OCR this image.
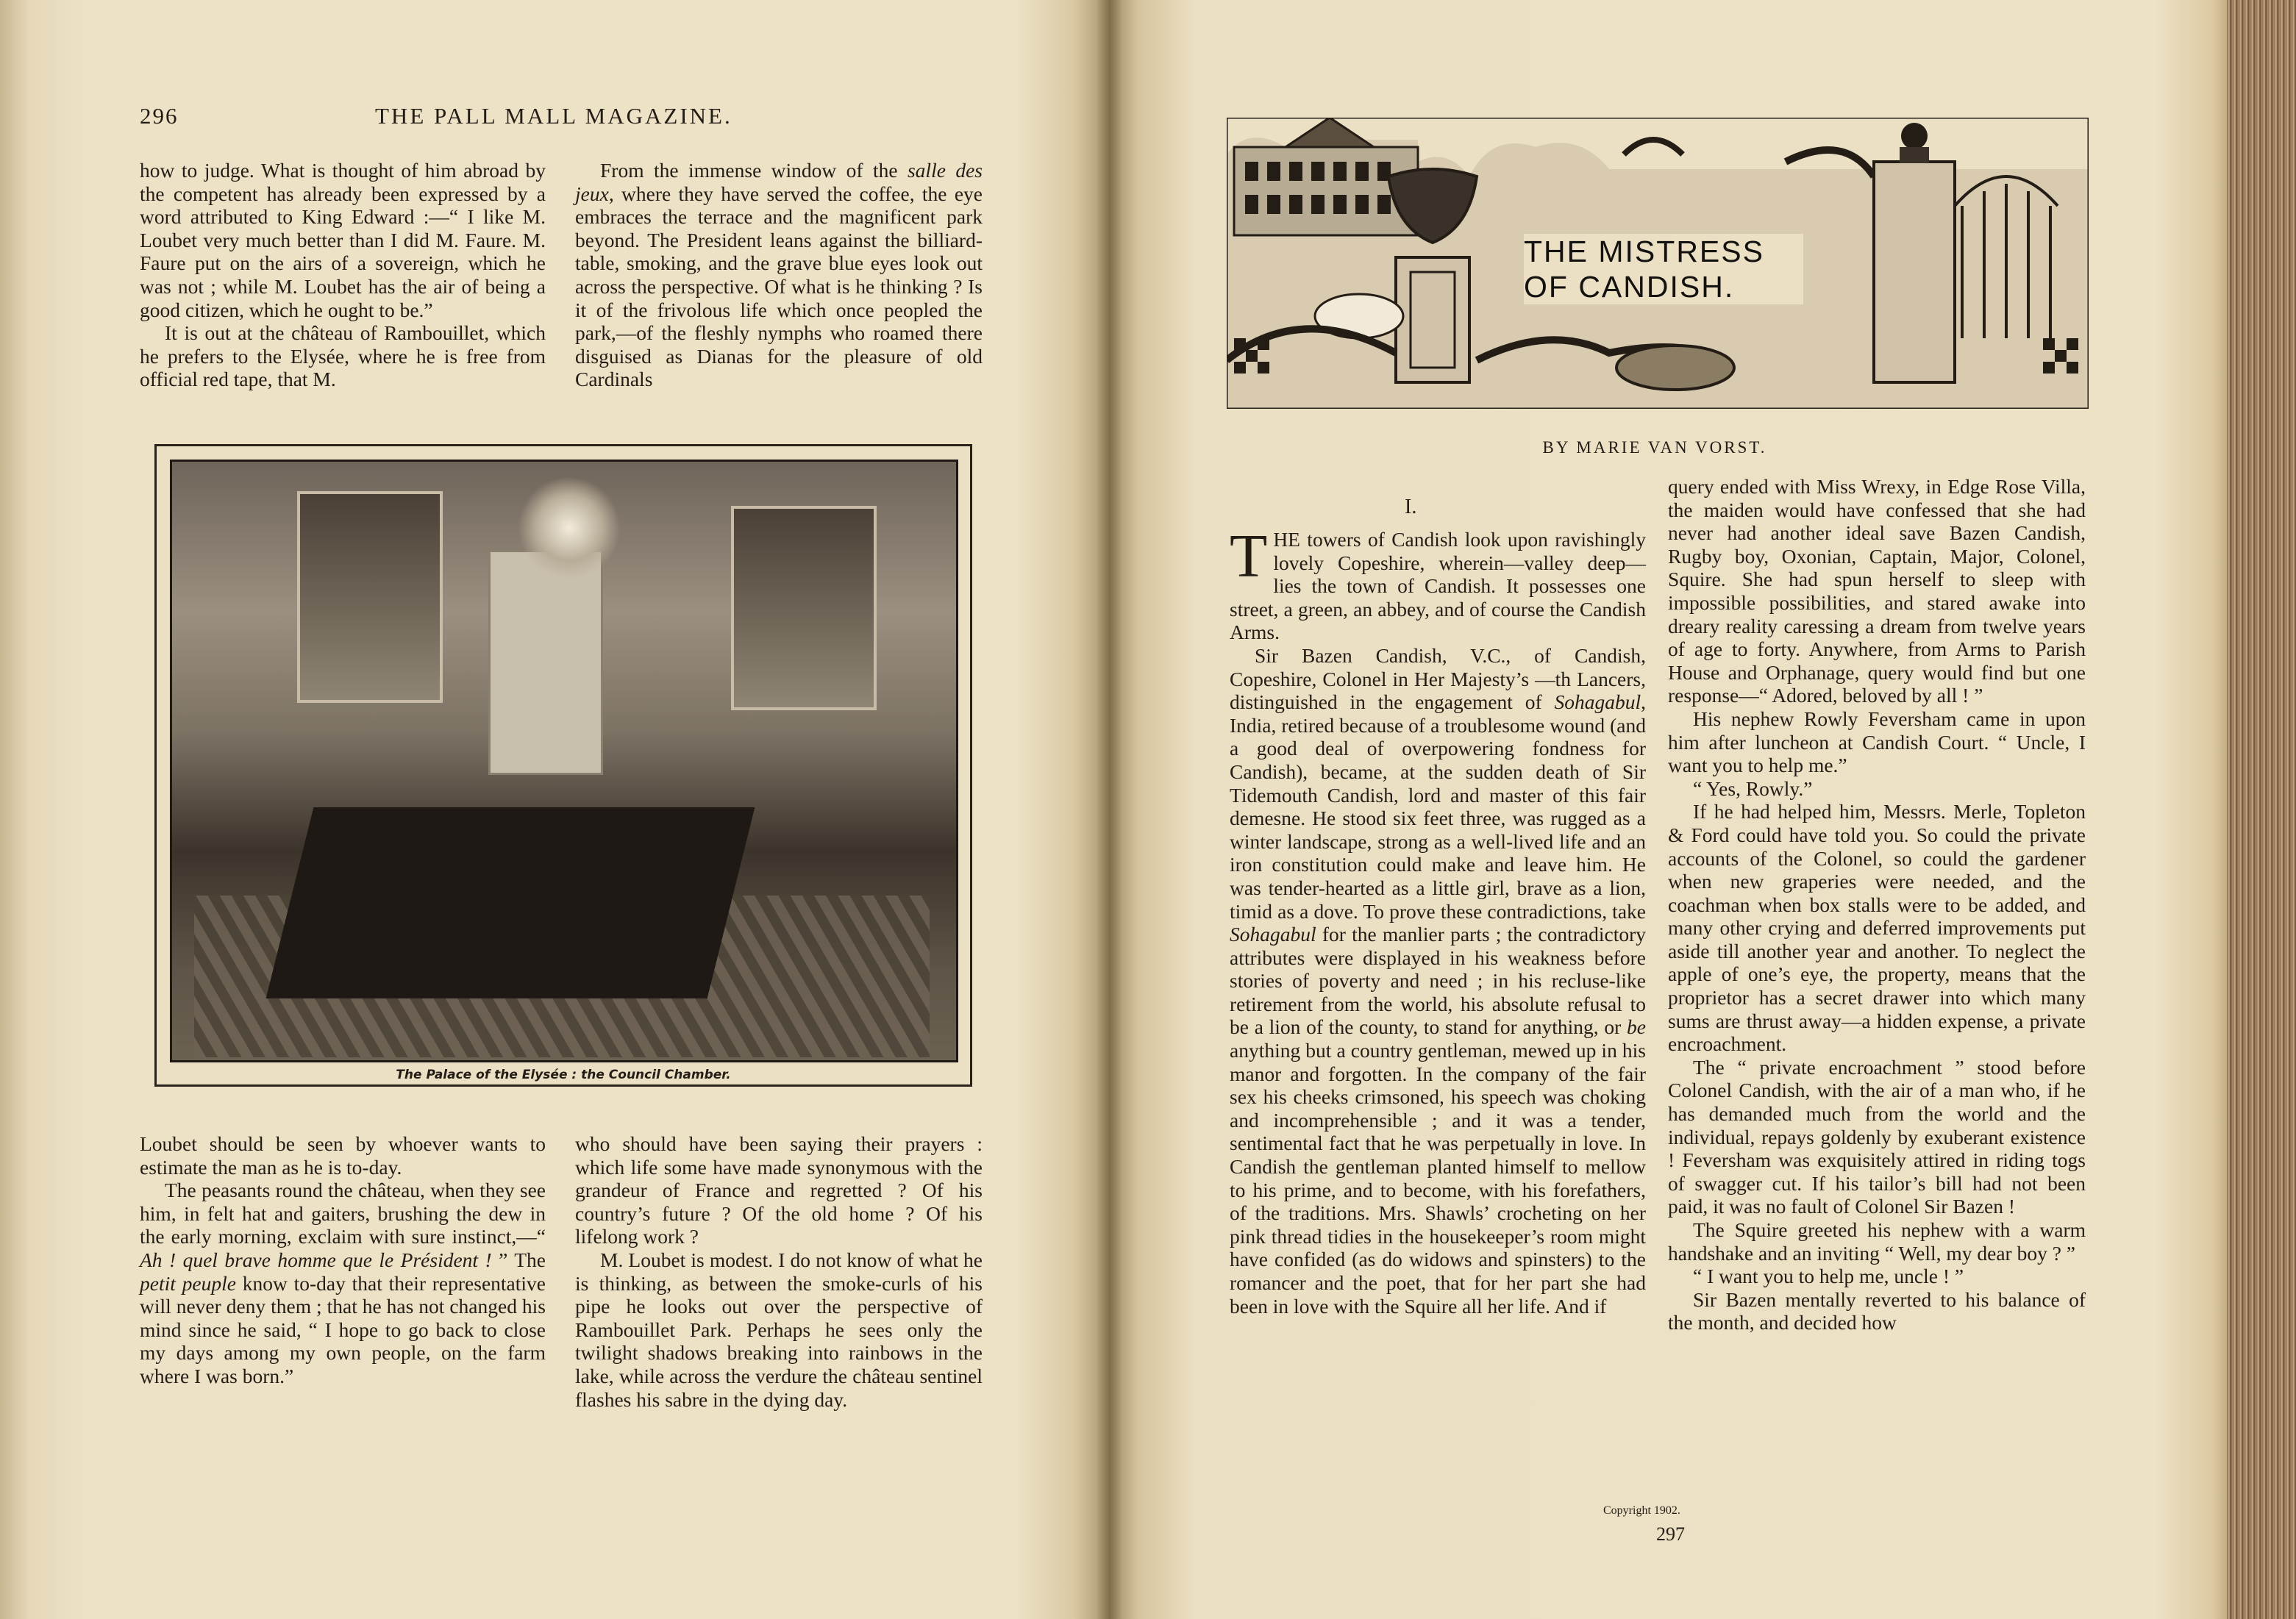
296	THE PALL MALL MAGAZINE.

how to judge. What is thought of him abroad by the competent has already been expressed by a word attributed to King Edward :—“ I like M. Loubet very much better than I did M. Faure. M. Faure put on the airs of a sovereign, which he was not ; while M. Loubet has the air of being a good citizen, which he ought to be.”

It is out at the château of Rambouillet, which he prefers to the Elysée, where he is free from official red tape, that M.

From the immense window of the salle des jeux, where they have served the coffee, the eye embraces the terrace and the magnificent park beyond. The President leans against the billiard-table, smoking, and the grave blue eyes look out across the perspective. Of what is he thinking ? Is it of the frivolous life which once peopled the park,—of the fleshly nymphs who roamed there disguised as Dianas for the pleasure of old Cardinals

The Palace of the Elysée : the Council Chamber.

Loubet should be seen by whoever wants to estimate the man as he is to-day.

The peasants round the château, when they see him, in felt hat and gaiters, brushing the dew in the early morning, exclaim with sure instinct,—“ Ah ! quel brave homme que le Président ! ” The petit peuple know to-day that their representative will never deny them ; that he has not changed his mind since he said, “ I hope to go back to close my days among my own people, on the farm where I was born.”

who should have been saying their prayers : which life some have made synonymous with the grandeur of France and regretted ? Of his country’s future ? Of the old home ? Of his lifelong work ?

M. Loubet is modest. I do not know of what he is thinking, as between the smoke-curls of his pipe he looks out over the perspective of Rambouillet Park. Perhaps he sees only the twilight shadows breaking into rainbows in the lake, while across the verdure the château sentinel flashes his sabre in the dying day.

THE MISTRESS
OF CANDISH.
BY MARIE VAN VORST.
I.

THE towers of Candish look upon ravishingly lovely Copeshire, wherein—valley deep—lies the town of Candish. It possesses one street, a green, an abbey, and of course the Candish Arms.

Sir Bazen Candish, V.C., of Candish, Copeshire, Colonel in Her Majesty’s —th Lancers, distinguished in the engagement of Sohagabul, India, retired because of a troublesome wound (and a good deal of overpowering fondness for Candish), became, at the sudden death of Sir Tidemouth Candish, lord and master of this fair demesne. He stood six feet three, was rugged as a winter landscape, strong as a well-lived life and an iron constitution could make and leave him. He was tender-hearted as a little girl, brave as a lion, timid as a dove. To prove these contradictions, take Sohagabul for the manlier parts ; the contradictory attributes were displayed in his weakness before stories of poverty and need ; in his recluse-like retirement from the world, his absolute refusal to be a lion of the county, to stand for anything, or be anything but a country gentleman, mewed up in his manor and forgotten. In the company of the fair sex his cheeks crimsoned, his speech was choking and incomprehensible ; and it was a tender, sentimental fact that he was perpetually in love. In Candish the gentleman planted himself to mellow to his prime, and to become, with his forefathers, of the traditions. Mrs. Shawls’ crocheting on her pink thread tidies in the housekeeper’s room might have confided (as do widows and spinsters) to the romancer and the poet, that for her part she had been in love with the Squire all her life. And if

query ended with Miss Wrexy, in Edge Rose Villa, the maiden would have confessed that she had never had another ideal save Bazen Candish, Rugby boy, Oxonian, Captain, Major, Colonel, Squire. She had spun herself to sleep with impossible possibilities, and stared awake into dreary reality caressing a dream from twelve years of age to forty. Anywhere, from Arms to Parish House and Orphanage, query would find but one response—“ Adored, beloved by all ! ”

His nephew Rowly Feversham came in upon him after luncheon at Candish Court. “ Uncle, I want you to help me.”

“ Yes, Rowly.”

If he had helped him, Messrs. Merle, Topleton & Ford could have told you. So could the private accounts of the Colonel, so could the gardener when new graperies were needed, and the coachman when box stalls were to be added, and many other crying and deferred improvements put aside till another year and another. To neglect the apple of one’s eye, the property, means that the proprietor has a secret drawer into which many sums are thrust away—a hidden expense, a private encroachment.

The “ private encroachment ” stood before Colonel Candish, with the air of a man who, if he has demanded much from the world and the individual, repays goldenly by exuberant existence ! Feversham was exquisitely attired in riding togs of swagger cut. If his tailor’s bill had not been paid, it was no fault of Colonel Sir Bazen !

The Squire greeted his nephew with a warm handshake and an inviting “ Well, my dear boy ? ”

“ I want you to help me, uncle ! ”

Sir Bazen mentally reverted to his balance of the month, and decided how

Copyright 1902.
297
